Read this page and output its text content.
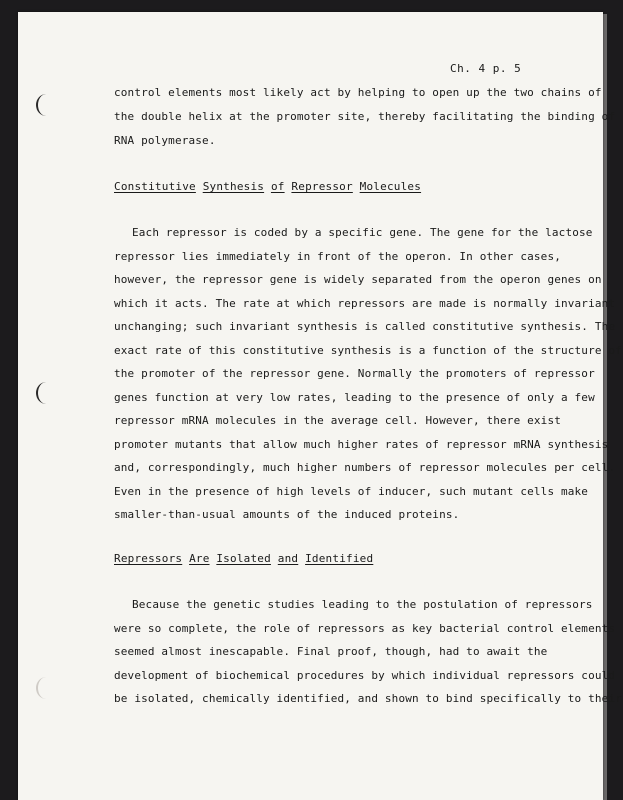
Ch. 4 p. 5
control elements most likely act by helping to open up the two chains of
the double helix at the promoter site, thereby facilitating the binding of
RNA polymerase.
Constitutive Synthesis of Repressor Molecules
Each repressor is coded by a specific gene. The gene for the lactose
repressor lies immediately in front of the operon. In other cases,
however, the repressor gene is widely separated from the operon genes on
which it acts. The rate at which repressors are made is normally invariant
unchanging; such invariant synthesis is called constitutive synthesis. The
exact rate of this constitutive synthesis is a function of the structure of
the promoter of the repressor gene. Normally the promoters of repressor
genes function at very low rates, leading to the presence of only a few
repressor mRNA molecules in the average cell. However, there exist
promoter mutants that allow much higher rates of repressor mRNA synthesis
and, correspondingly, much higher numbers of repressor molecules per cell.
Even in the presence of high levels of inducer, such mutant cells make
smaller-than-usual amounts of the induced proteins.
Repressors Are Isolated and Identified
Because the genetic studies leading to the postulation of repressors
were so complete, the role of repressors as key bacterial control elements
seemed almost inescapable. Final proof, though, had to await the
development of biochemical procedures by which individual repressors could
be isolated, chemically identified, and shown to bind specifically to their
